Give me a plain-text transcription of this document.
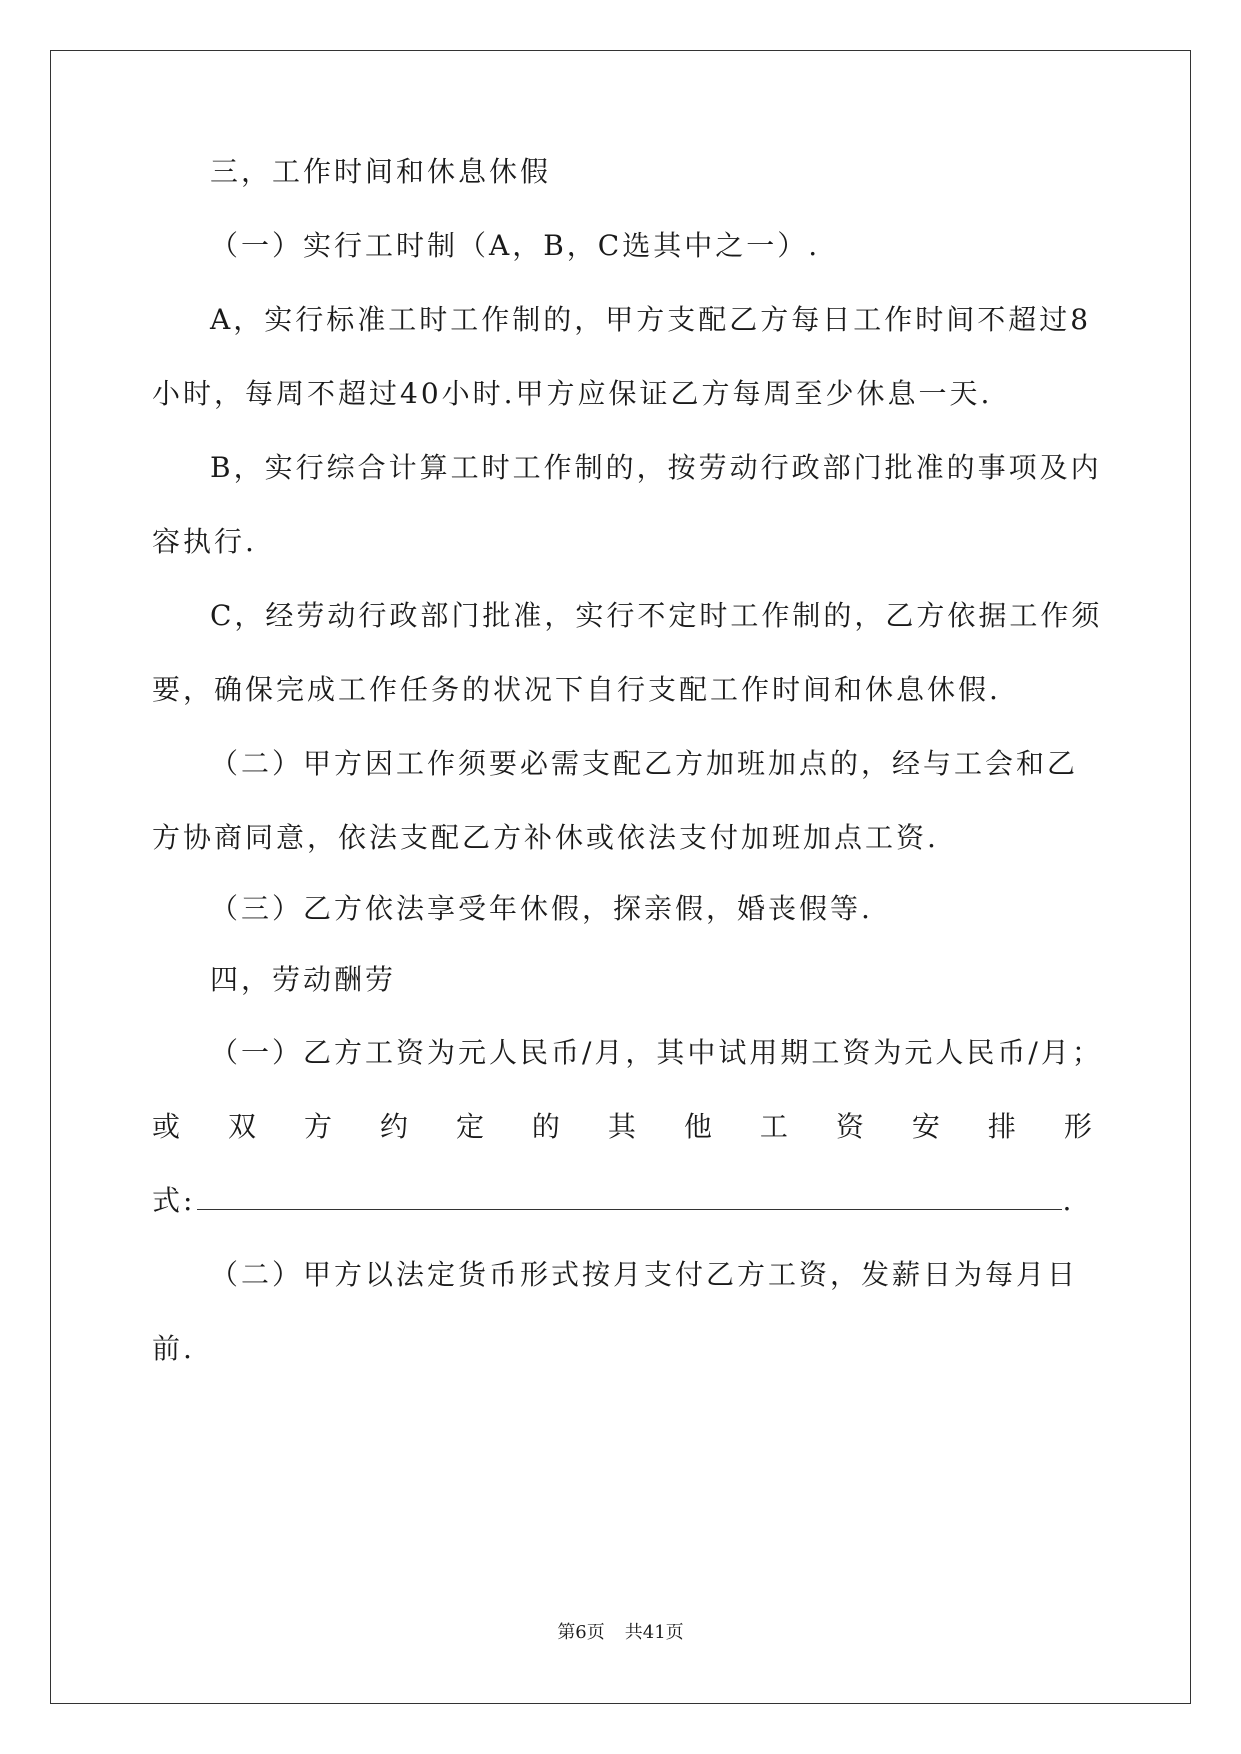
三，工作时间和休息休假
（一）实行工时制（A，B，C选其中之一）.
A，实行标准工时工作制的，甲方支配乙方每日工作时间不超过8
小时，每周不超过40小时.甲方应保证乙方每周至少休息一天.
B，实行综合计算工时工作制的，按劳动行政部门批准的事项及内
容执行.
C，经劳动行政部门批准，实行不定时工作制的，乙方依据工作须
要，确保完成工作任务的状况下自行支配工作时间和休息休假.
（二）甲方因工作须要必需支配乙方加班加点的，经与工会和乙
方协商同意，依法支配乙方补休或依法支付加班加点工资.
（三）乙方依法享受年休假，探亲假，婚丧假等.
四，劳动酬劳
（一）乙方工资为元人民币/月，其中试用期工资为元人民币/月；
或 双 方 约 定 的 其 他 工 资 安 排 形
式:	.
（二）甲方以法定货币形式按月支付乙方工资，发薪日为每月日
前.
第6页 共41页
